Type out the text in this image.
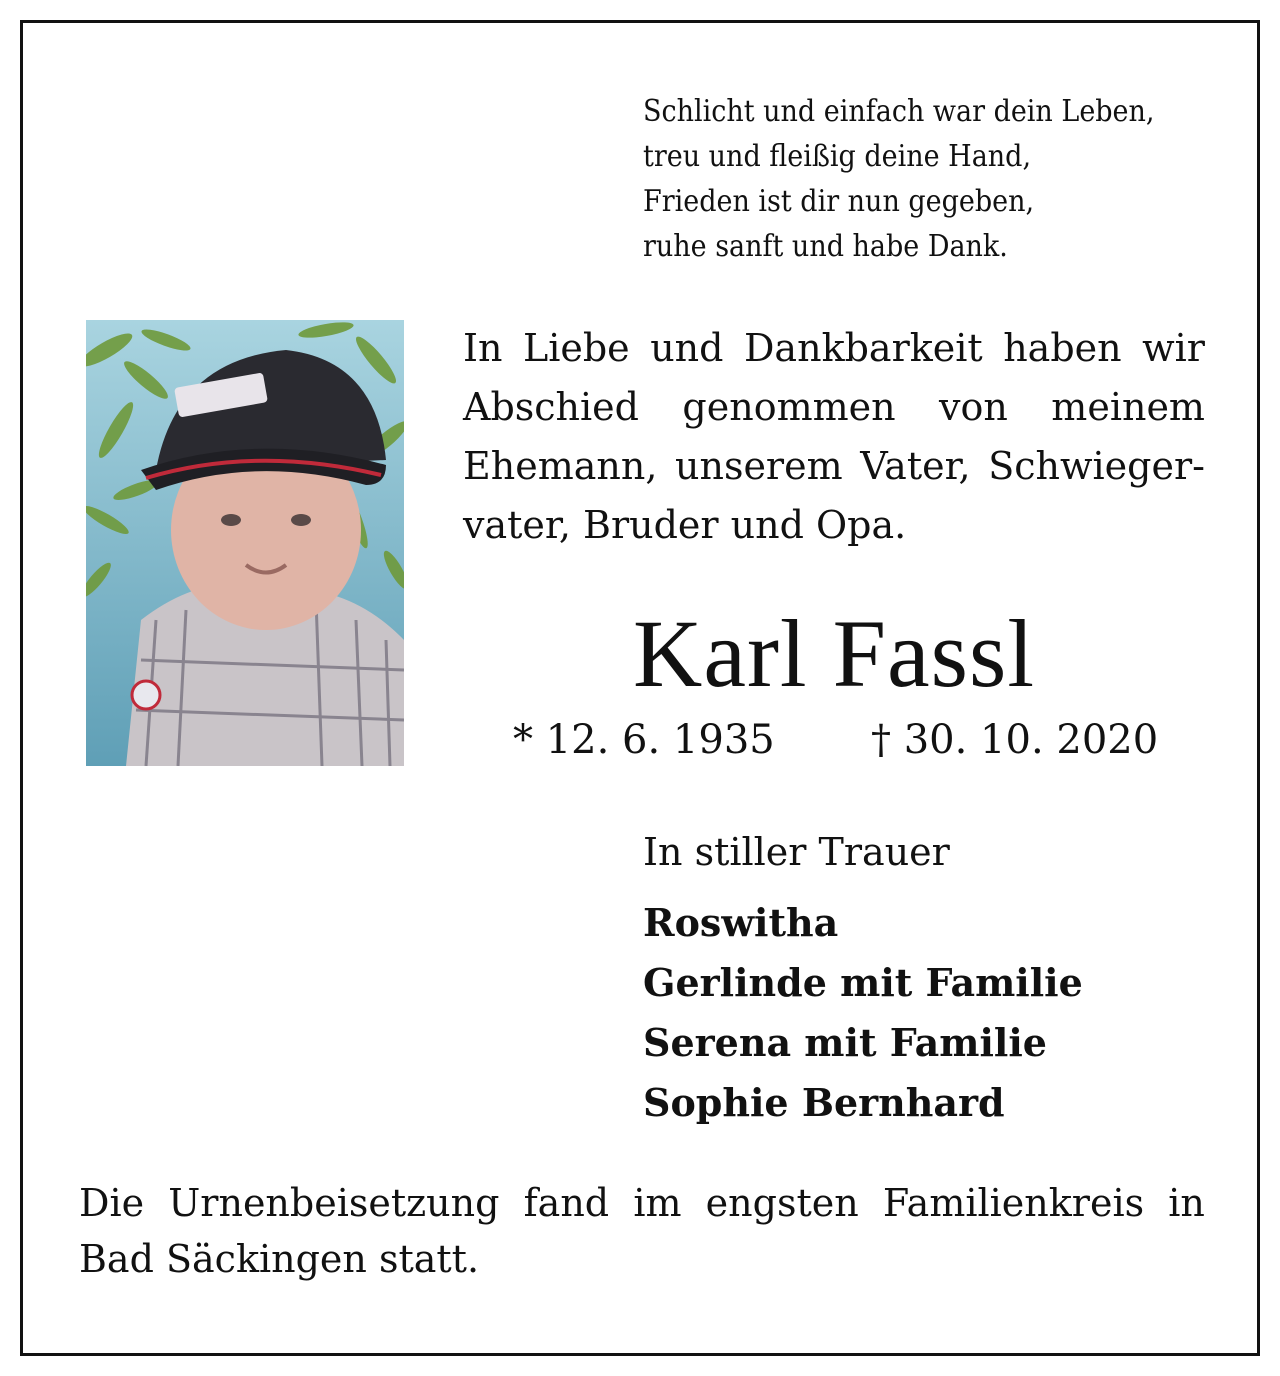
Schlicht und einfach war dein Leben,
treu und fleißig deine Hand,
Frieden ist dir nun gegeben,
ruhe sanft und habe Dank.
In Liebe und Dankbarkeit haben wir
Abschied genommen von meinem
Ehemann, unserem Vater, Schwieger-
vater, Bruder und Opa.
Karl Fassl
* 12. 6. 1935 † 30. 10. 2020
In stiller Trauer
Roswitha
Gerlinde mit Familie
Serena mit Familie
Sophie Bernhard
Die Urnenbeisetzung fand im engsten Familienkreis in
Bad Säckingen statt.
